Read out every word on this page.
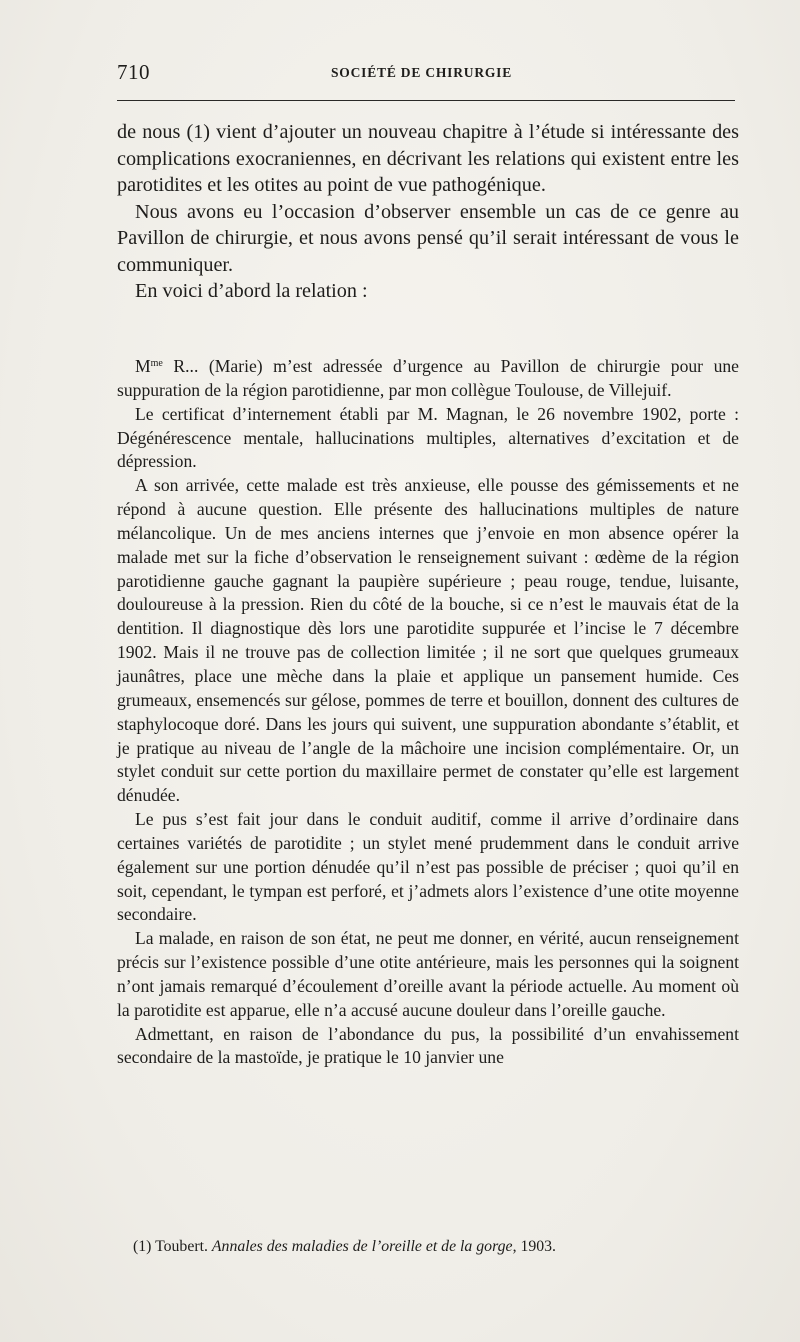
710	SOCIÉTÉ DE CHIRURGIE

de nous (1) vient d’ajouter un nouveau chapitre à l’étude si intéressante des complications exocraniennes, en décrivant les relations qui existent entre les parotidites et les otites au point de vue pathogénique.

Nous avons eu l’occasion d’observer ensemble un cas de ce genre au Pavillon de chirurgie, et nous avons pensé qu’il serait intéressant de vous le communiquer.

En voici d’abord la relation :

$M^{me}$ R... (Marie) m’est adressée d’urgence au Pavillon de chirurgie pour une suppuration de la région parotidienne, par mon collègue Toulouse, de Villejuif.

Le certificat d’internement établi par M. Magnan, le 26 novembre 1902, porte : Dégénérescence mentale, hallucinations multiples, alternatives d’excitation et de dépression.

A son arrivée, cette malade est très anxieuse, elle pousse des gémissements et ne répond à aucune question. Elle présente des hallucinations multiples de nature mélancolique. Un de mes anciens internes que j’envoie en mon absence opérer la malade met sur la fiche d’observation le renseignement suivant : œdème de la région parotidienne gauche gagnant la paupière supérieure ; peau rouge, tendue, luisante, douloureuse à la pression. Rien du côté de la bouche, si ce n’est le mauvais état de la dentition. Il diagnostique dès lors une parotidite suppurée et l’incise le 7 décembre 1902. Mais il ne trouve pas de collection limitée ; il ne sort que quelques grumeaux jaunâtres, place une mèche dans la plaie et applique un pansement humide. Ces grumeaux, ensemencés sur gélose, pommes de terre et bouillon, donnent des cultures de staphylocoque doré. Dans les jours qui suivent, une suppuration abondante s’établit, et je pratique au niveau de l’angle de la mâchoire une incision complémentaire. Or, un stylet conduit sur cette portion du maxillaire permet de constater qu’elle est largement dénudée.

Le pus s’est fait jour dans le conduit auditif, comme il arrive d’ordinaire dans certaines variétés de parotidite ; un stylet mené prudemment dans le conduit arrive également sur une portion dénudée qu’il n’est pas possible de préciser ; quoi qu’il en soit, cependant, le tympan est perforé, et j’admets alors l’existence d’une otite moyenne secondaire.

La malade, en raison de son état, ne peut me donner, en vérité, aucun renseignement précis sur l’existence possible d’une otite antérieure, mais les personnes qui la soignent n’ont jamais remarqué d’écoulement d’oreille avant la période actuelle. Au moment où la parotidite est apparue, elle n’a accusé aucune douleur dans l’oreille gauche.

Admettant, en raison de l’abondance du pus, la possibilité d’un envahissement secondaire de la mastoïde, je pratique le 10 janvier une

(1) Toubert. Annales des maladies de l’oreille et de la gorge, 1903.
